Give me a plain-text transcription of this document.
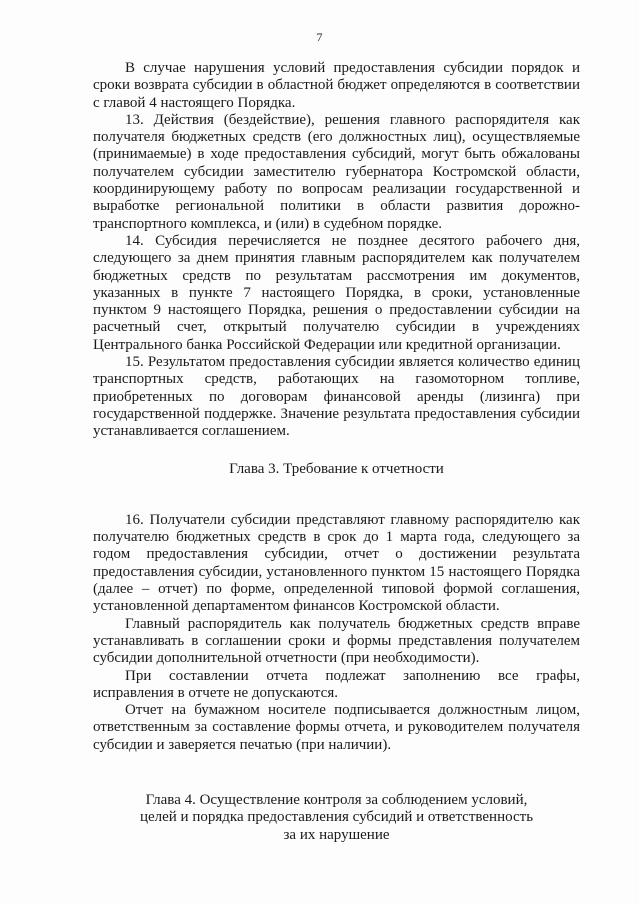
7

В случае нарушения условий предоставления субсидии порядок и сроки возврата субсидии в областной бюджет определяются в соответствии с главой 4 настоящего Порядка.

13. Действия (бездействие), решения главного распорядителя как получателя бюджетных средств (его должностных лиц), осуществляемые (принимаемые) в ходе предоставления субсидий, могут быть обжалованы получателем субсидии заместителю губернатора Костромской области, координирующему работу по вопросам реализации государственной и выработке региональной политики в области развития дорожно-транспортного комплекса, и (или) в судебном порядке.

14. Субсидия перечисляется не позднее десятого рабочего дня, следующего за днем принятия главным распорядителем как получателем бюджетных средств по результатам рассмотрения им документов, указанных в пункте 7 настоящего Порядка, в сроки, установленные пунктом 9 настоящего Порядка, решения о предоставлении субсидии на расчетный счет, открытый получателю субсидии в учреждениях Центрального банка Российской Федерации или кредитной организации.

15. Результатом предоставления субсидии является количество единиц транспортных средств, работающих на газомоторном топливе, приобретенных по договорам финансовой аренды (лизинга) при государственной поддержке. Значение результата предоставления субсидии устанавливается соглашением.

Глава 3. Требование к отчетности

16. Получатели субсидии представляют главному распорядителю как получателю бюджетных средств в срок до 1 марта года, следующего за годом предоставления субсидии, отчет о достижении результата предоставления субсидии, установленного пунктом 15 настоящего Порядка (далее – отчет) по форме, определенной типовой формой соглашения, установленной департаментом финансов Костромской области.

Главный распорядитель как получатель бюджетных средств вправе устанавливать в соглашении сроки и формы представления получателем субсидии дополнительной отчетности (при необходимости).

При составлении отчета подлежат заполнению все графы, исправления в отчете не допускаются.

Отчет на бумажном носителе подписывается должностным лицом, ответственным за составление формы отчета, и руководителем получателя субсидии и заверяется печатью (при наличии).

Глава 4. Осуществление контроля за соблюдением условий,
целей и порядка предоставления субсидий и ответственность
за их нарушение
